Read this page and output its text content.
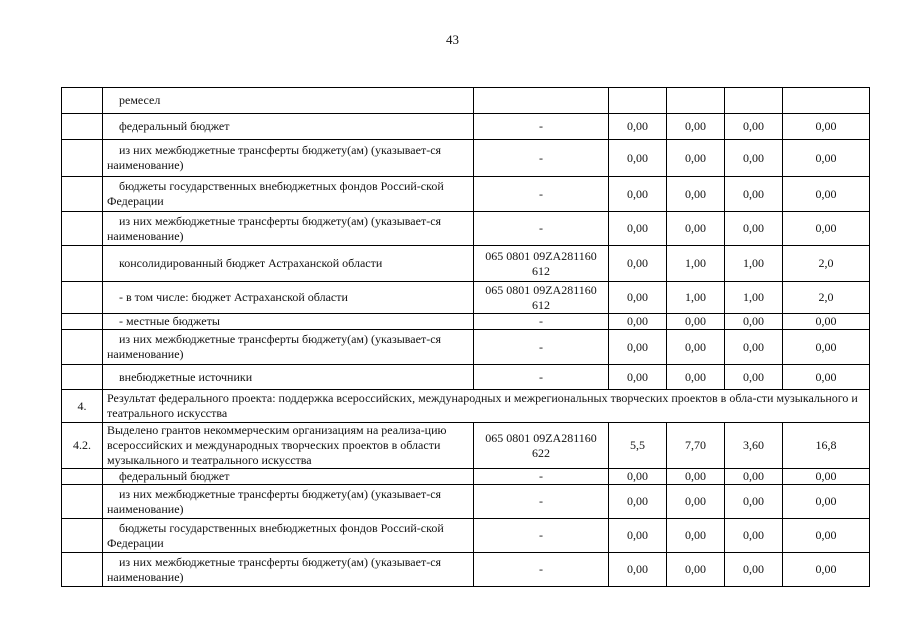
43

	ремесел					

	федеральный бюджет	-	0,00	0,00	0,00	0,00

	из них межбюджетные трансферты бюджету(ам) (указывает-ся наименование)	-	0,00	0,00	0,00	0,00

	бюджеты государственных внебюджетных фондов Россий-ской Федерации	-	0,00	0,00	0,00	0,00

	из них межбюджетные трансферты бюджету(ам) (указывает-ся наименование)	-	0,00	0,00	0,00	0,00

	консолидированный бюджет Астраханской области	065 0801 09ZA281160 612	0,00	1,00	1,00	2,0

	- в том числе: бюджет Астраханской области	065 0801 09ZA281160 612	0,00	1,00	1,00	2,0

	- местные бюджеты	-	0,00	0,00	0,00	0,00

	из них межбюджетные трансферты бюджету(ам) (указывает-ся наименование)	-	0,00	0,00	0,00	0,00

	внебюджетные источники	-	0,00	0,00	0,00	0,00
4.	Результат федерального проекта: поддержка всероссийских, международных и межрегиональных творческих проектов в обла-сти музыкального и театрального искусства					
4.2.	Выделено грантов некоммерческим организациям на реализа-цию всероссийских и международных творческих проектов в области музыкального и театрального искусства	065 0801 09ZA281160 622	5,5	7,70	3,60	16,8

	федеральный бюджет	-	0,00	0,00	0,00	0,00

	из них межбюджетные трансферты бюджету(ам) (указывает-ся наименование)	-	0,00	0,00	0,00	0,00

	бюджеты государственных внебюджетных фондов Россий-ской Федерации	-	0,00	0,00	0,00	0,00

	из них межбюджетные трансферты бюджету(ам) (указывает-ся наименование)	-	0,00	0,00	0,00	0,00
